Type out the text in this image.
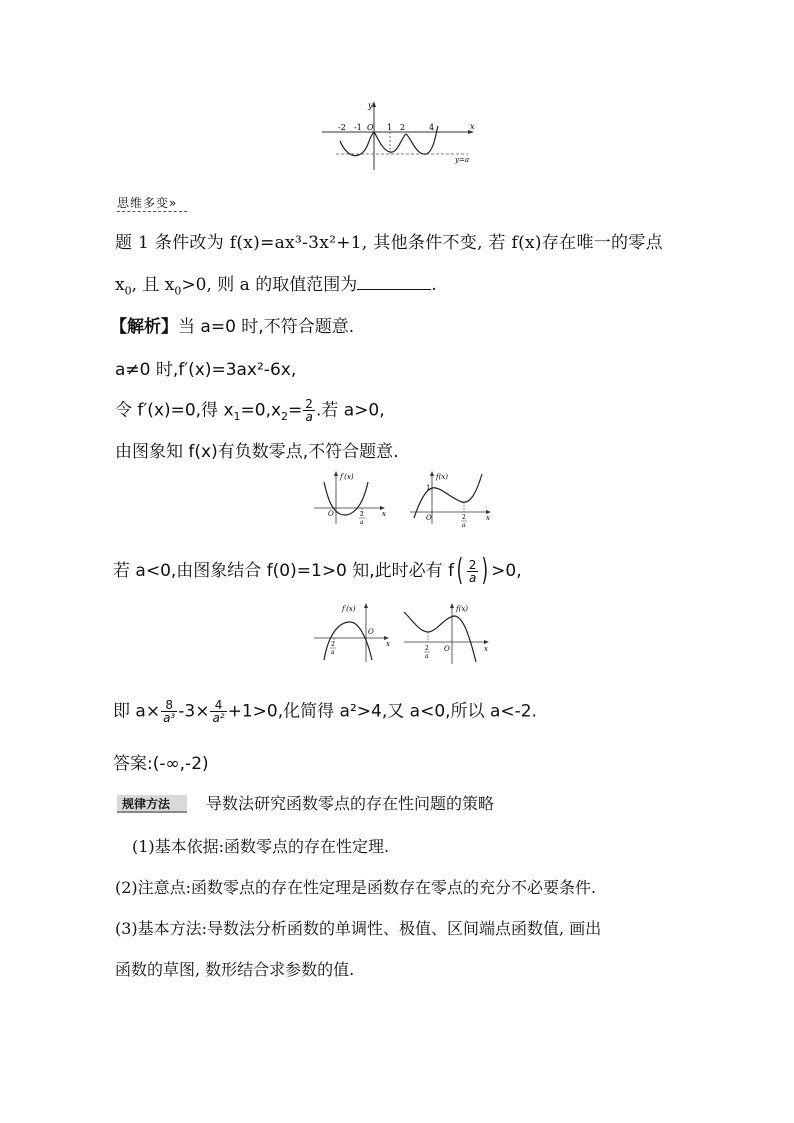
y
x
O
-2 -1	1 2	4
y=a
思维多变»
题 1 条件改为 f(x)=ax³-3x²+1, 其他条件不变, 若 f(x)存在唯一的零点
$x_0$, 且 $x_0>0$, 则 a 的取值范围为	.
【解析】当 a=0 时,不符合题意.
a≠0 时,f′(x)=3ax²-6x,
令 f′(x)=0,得 $x_1=0,x_2= \frac{2}{a}$ .若 a>0,
由图象知 f(x)有负数零点,不符合题意.
f′(x)
O	x
2
a
f(x)
1
O	x
2
a
若 a<0,由图象结合 f(0)=1>0 知,此时必有 $f( \frac{2}{a}$ ) >0,
f′(x)
O
x
2
a
f(x)
O	x
2
a
即 $a\times \frac{8}{\text{a³}} -3\times \frac{4}{\text{a²}} +1>0$,化简得 a²>4,又 a<0,所以 a<-2.
答案:(-∞,-2)
规律方法 导数法研究函数零点的存在性问题的策略
(1)基本依据:函数零点的存在性定理.
(2)注意点:函数零点的存在性定理是函数存在零点的充分不必要条件.
(3)基本方法:导数法分析函数的单调性、极值、区间端点函数值, 画出
函数的草图, 数形结合求参数的值.
